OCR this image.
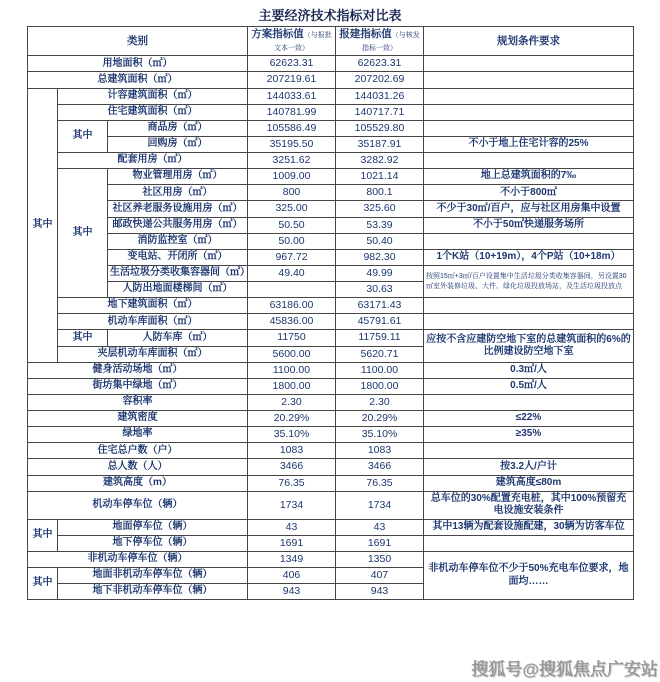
主要经济技术指标对比表
类别			方案指标值（与报批文本一致）	报建指标值（与核发指标一致）	规划条件要求
用地面积（㎡）			62623.31	62623.31	
总建筑面积（㎡）			207219.61	207202.69	
其中	计容建筑面积（㎡）		144033.61	144031.26	
	住宅建筑面积（㎡）		140781.99	140717.71	
	其中	商品房（㎡）	105586.49	105529.80	
		回购房（㎡）	35195.50	35187.91	不小于地上住宅计容的25%
	配套用房（㎡）		3251.62	3282.92	
	其中	物业管理用房（㎡）	1009.00	1021.14	地上总建筑面积的7‰
		社区用房（㎡）	800	800.1	不小于800㎡
		社区养老服务设施用房（㎡）	325.00	325.60	不少于30㎡/百户，应与社区用房集中设置
		邮政快递公共服务用房（㎡）	50.50	53.39	不小于50㎡快递服务场所
		消防监控室（㎡）	50.00	50.40	
		变电站、开闭所（㎡）	967.72	982.30	1个K站（10+19m），4个P站（10+18m）
		生活垃圾分类收集容器间（㎡）	49.40	49.99	按照15㎡+3㎡/百户设置集中生活垃圾分类收集容器间，另设置30㎡室外装修垃圾、大件、绿化垃圾投放场站，及生活垃圾投放点
		人防出地面楼梯间（㎡）		30.63	
	地下建筑面积（㎡）		63186.00	63171.43	
	机动车库面积（㎡）		45836.00	45791.61	
	其中	人防车库（㎡）	11750	11759.11	应按不含应建防空地下室的总建筑面积的6%的比例建设防空地下室
	夹层机动车库面积（㎡）		5600.00	5620.71	
健身活动场地（㎡）			1100.00	1100.00	0.3㎡/人
街坊集中绿地（㎡）			1800.00	1800.00	0.5㎡/人
容积率			2.30	2.30	
建筑密度			20.29%	20.29%	≤22%
绿地率			35.10%	35.10%	≥35%
住宅总户数（户）			1083	1083	
总人数（人）			3466	3466	按3.2人/户计
建筑高度（m）			76.35	76.35	建筑高度≤80m
机动车停车位（辆）			1734	1734	总车位的30%配置充电桩，其中100%预留充电设施安装条件
其中	地面停车位（辆）		43	43	其中13辆为配套设施配建，30辆为访客车位
	地下停车位（辆）		1691	1691	
非机动车停车位（辆）			1349	1350	非机动车停车位不少于50%充电车位要求，地面均……
其中	地面非机动车停车位（辆）		406	407	
	地下非机动车停车位（辆）		943	943	
搜狐号@搜狐焦点广安站
